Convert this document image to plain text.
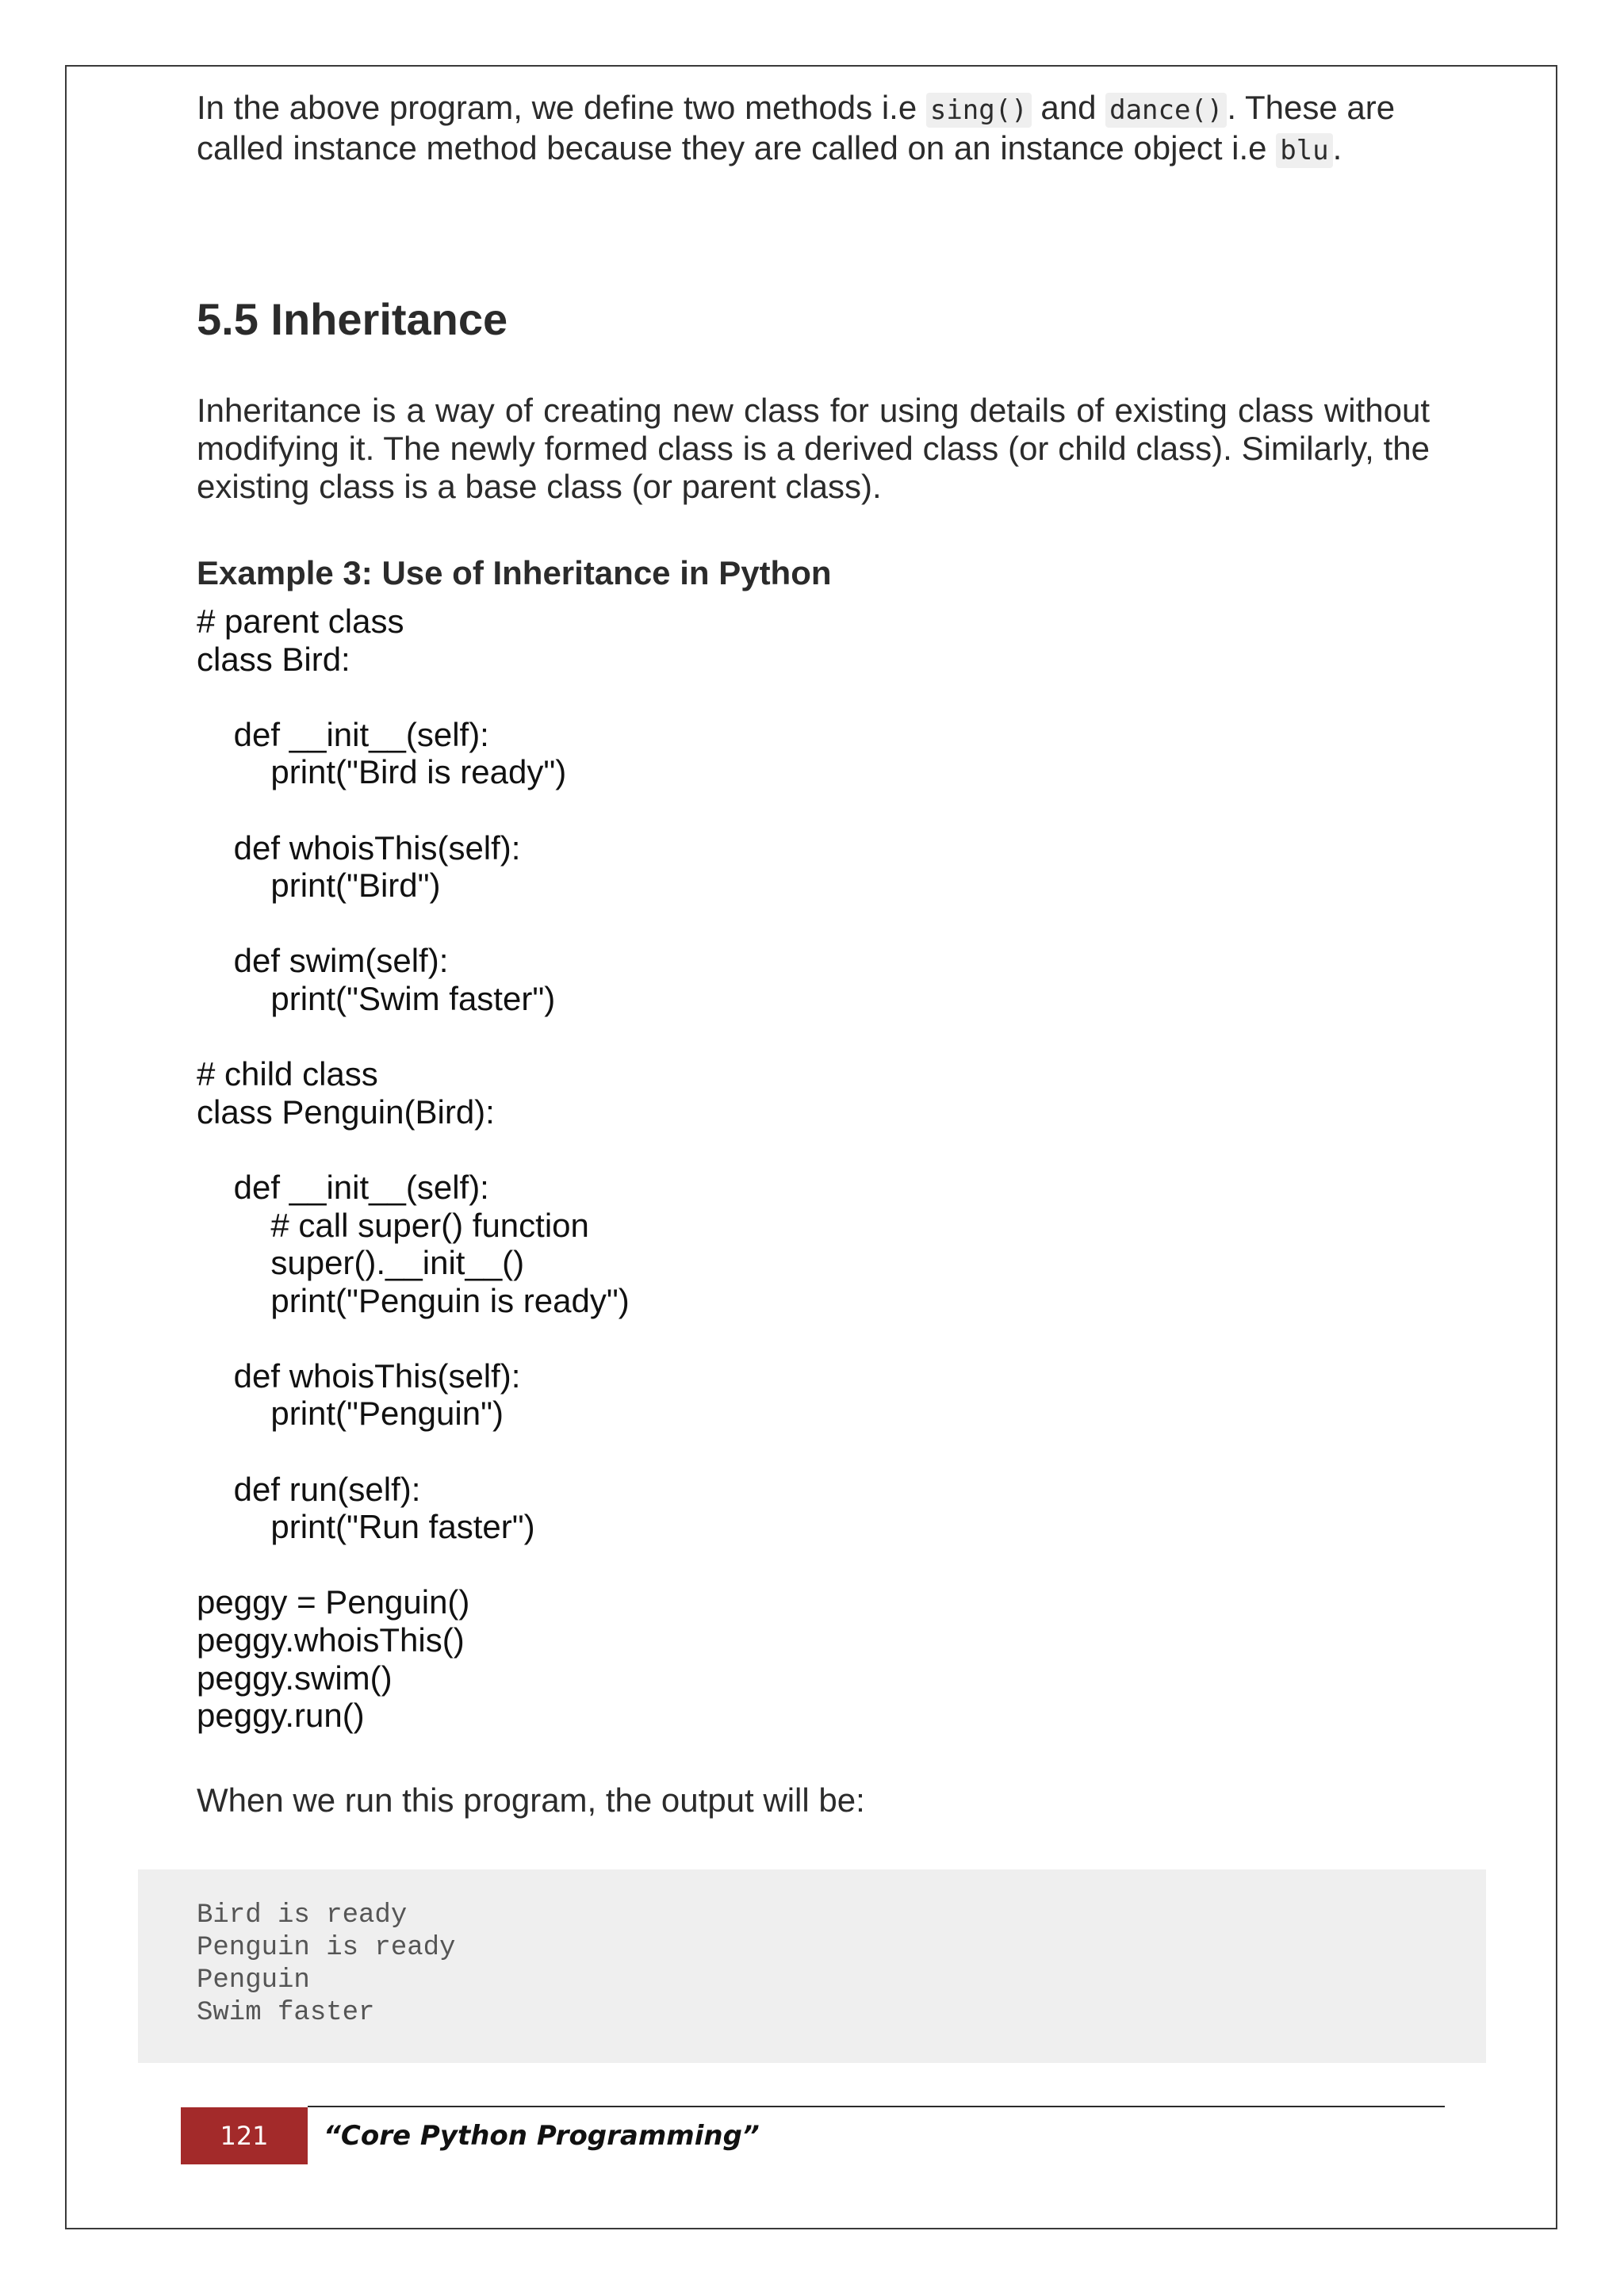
In the above program, we define two methods i.e sing() and dance() . These are called instance method because they are called on an instance object i.e blu .

5.5 Inheritance

Inheritance is a way of creating new class for using details of existing class without modifying it. The newly formed class is a derived class (or child class). Similarly, the existing class is a base class (or parent class).

Example 3: Use of Inheritance in Python
# parent class
class Bird:
def __init__(self):
print("Bird is ready")
def whoisThis(self):
print("Bird")
def swim(self):
print("Swim faster")
# child class
class Penguin(Bird):
def __init__(self):
# call super() function
super().__init__()
print("Penguin is ready")
def whoisThis(self):
print("Penguin")
def run(self):
print("Run faster")
peggy = Penguin()
peggy.whoisThis()
peggy.swim()
peggy.run()

When we run this program, the output will be:

Bird is ready
Penguin is ready
Penguin
Swim faster
121 “Core Python Programming”
